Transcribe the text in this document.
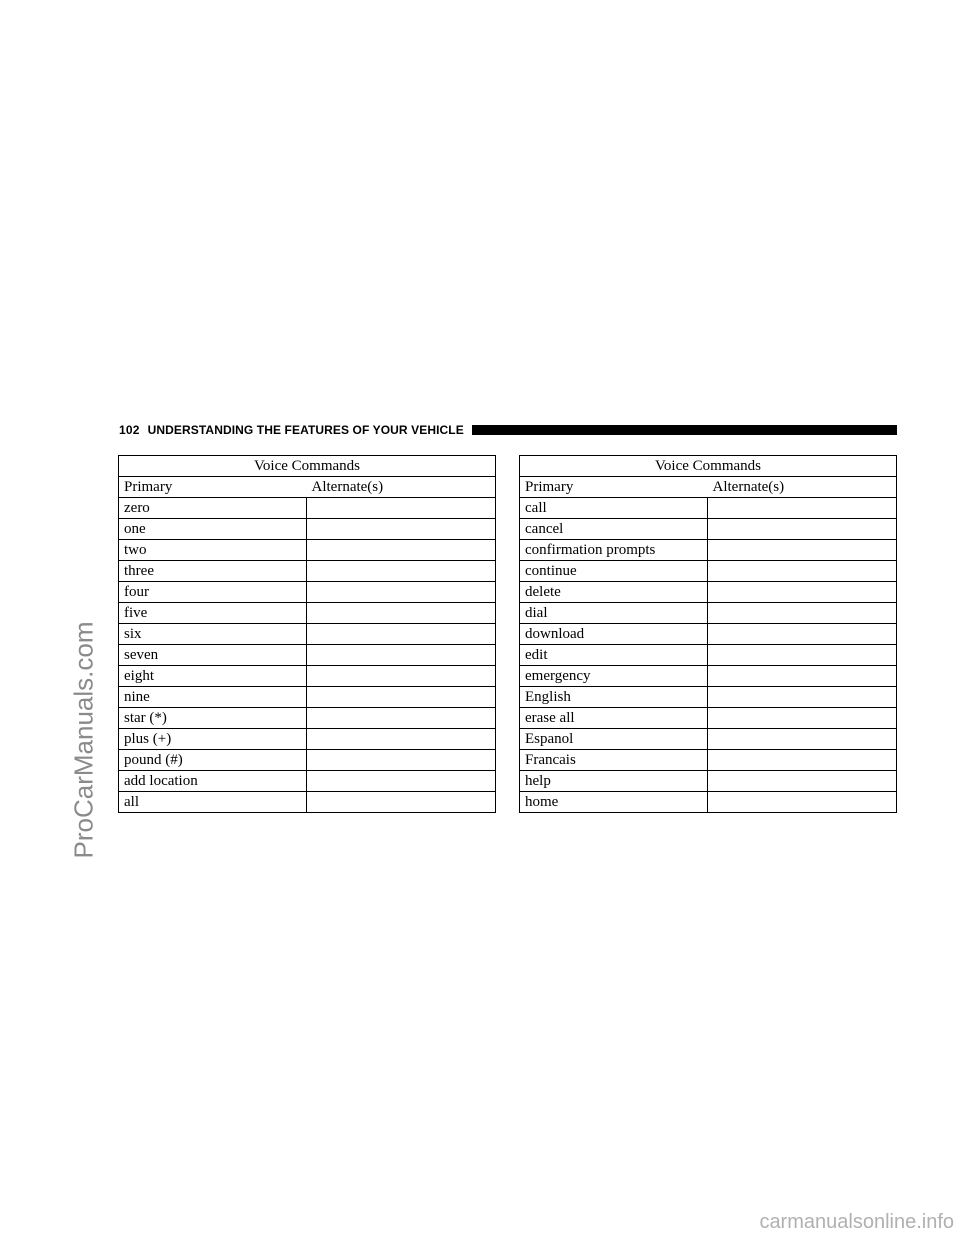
102 UNDERSTANDING THE FEATURES OF YOUR VEHICLE
Voice Commands	
Primary	Alternate(s)
zero	
one	
two	
three	
four	
five	
six	
seven	
eight	
nine	
star (*)	
plus (+)	
pound (#)	
add location	
all	
Voice Commands	
Primary	Alternate(s)
call	
cancel	
confirmation prompts	
continue	
delete	
dial	
download	
edit	
emergency	
English	
erase all	
Espanol	
Francais	
help	
home	
ProCarManuals.com
carmanualsonline.info
